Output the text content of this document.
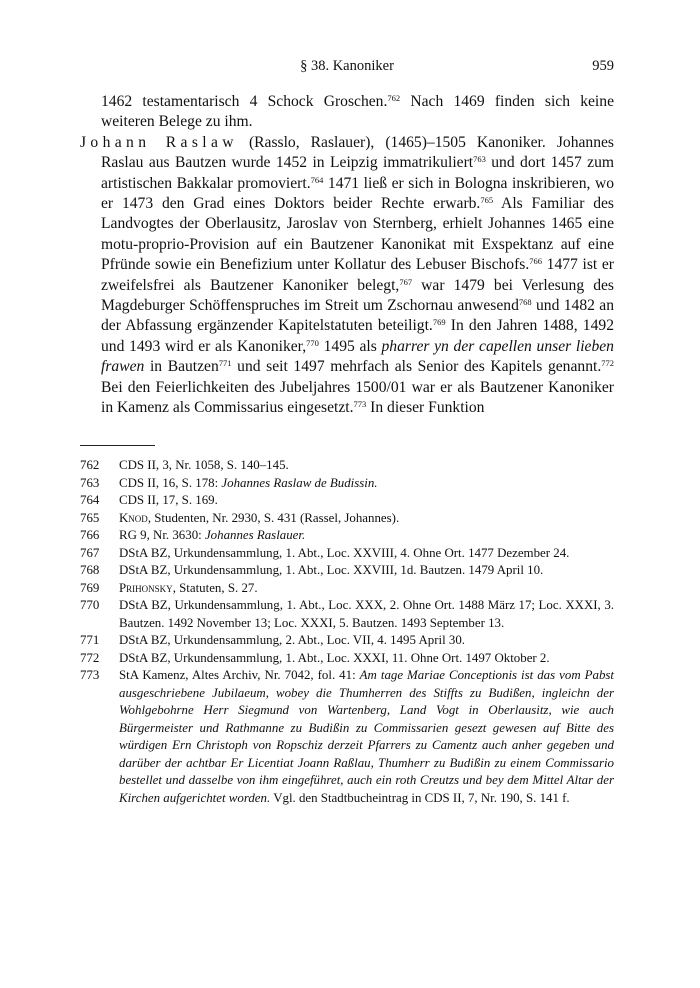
§ 38. Kanoniker	959

1462 testamentarisch 4 Schock Groschen.$^{762}$ Nach 1469 finden sich keine weiteren Belege zu ihm.

Johann Raslaw (Rasslo, Raslauer), (1465)–1505 Kanoniker. Johannes Raslau aus Bautzen wurde 1452 in Leipzig immatrikuliert$^{763}$ und dort 1457 zum artistischen Bakkalar promoviert.$^{764}$ 1471 ließ er sich in Bologna inskribieren, wo er 1473 den Grad eines Doktors beider Rechte erwarb.$^{765}$ Als Familiar des Landvogtes der Oberlausitz, Jaroslav von Sternberg, erhielt Johannes 1465 eine motu-proprio-Provision auf ein Bautzener Kanonikat mit Exspektanz auf eine Pfründe sowie ein Benefizium unter Kollatur des Lebuser Bischofs.$^{766}$ 1477 ist er zweifelsfrei als Bautzener Kanoniker belegt,$^{767}$ war 1479 bei Verlesung des Magdeburger Schöffenspruches im Streit um Zschornau anwesend$^{768}$ und 1482 an der Abfassung ergänzender Kapitelstatuten beteiligt.$^{769}$ In den Jahren 1488, 1492 und 1493 wird er als Kanoniker,$^{770}$ 1495 als pharrer yn der capellen unser lieben frawen in Bautzen$^{771}$ und seit 1497 mehrfach als Senior des Kapitels genannt.$^{772}$ Bei den Feierlichkeiten des Jubeljahres 1500/01 war er als Bautzener Kanoniker in Kamenz als Commissarius eingesetzt.$^{773}$ In dieser Funktion

762	CDS II, 3, Nr. 1058, S. 140–145.
763	CDS II, 16, S. 178: Johannes Raslaw de Budissin.
764	CDS II, 17, S. 169.
765	Knod, Studenten, Nr. 2930, S. 431 (Rassel, Johannes).
766	RG 9, Nr. 3630: Johannes Raslauer.
767	DStA BZ, Urkundensammlung, 1. Abt., Loc. XXVIII, 4. Ohne Ort. 1477 Dezember 24.
768	DStA BZ, Urkundensammlung, 1. Abt., Loc. XXVIII, 1d. Bautzen. 1479 April 10.
769	Prihonsky, Statuten, S. 27.
770	DStA BZ, Urkundensammlung, 1. Abt., Loc. XXX, 2. Ohne Ort. 1488 März 17; Loc. XXXI, 3. Bautzen. 1492 November 13; Loc. XXXI, 5. Bautzen. 1493 September 13.
771	DStA BZ, Urkundensammlung, 2. Abt., Loc. VII, 4. 1495 April 30.
772	DStA BZ, Urkundensammlung, 1. Abt., Loc. XXXI, 11. Ohne Ort. 1497 Oktober 2.
773	StA Kamenz, Altes Archiv, Nr. 7042, fol. 41: Am tage Mariae Conceptionis ist das vom Pabst ausgeschriebene Jubilaeum, wobey die Thumherren des Stiffts zu Budißen, ingleichn der Wohlgebohrne Herr Siegmund von Wartenberg, Land Vogt in Oberlausitz, wie auch Bürgermeister und Rathmanne zu Budißin zu Commissarien gesezt gewesen auf Bitte des würdigen Ern Christoph von Ropschiz derzeit Pfarrers zu Camentz auch anher gegeben und darüber der achtbar Er Licentiat Joann Raßlau, Thumherr zu Budißin zu einem Commissario bestellet und dasselbe von ihm eingeführet, auch ein roth Creutzs und bey dem Mittel Altar der Kirchen aufgerichtet worden. Vgl. den Stadtbucheintrag in CDS II, 7, Nr. 190, S. 141 f.
